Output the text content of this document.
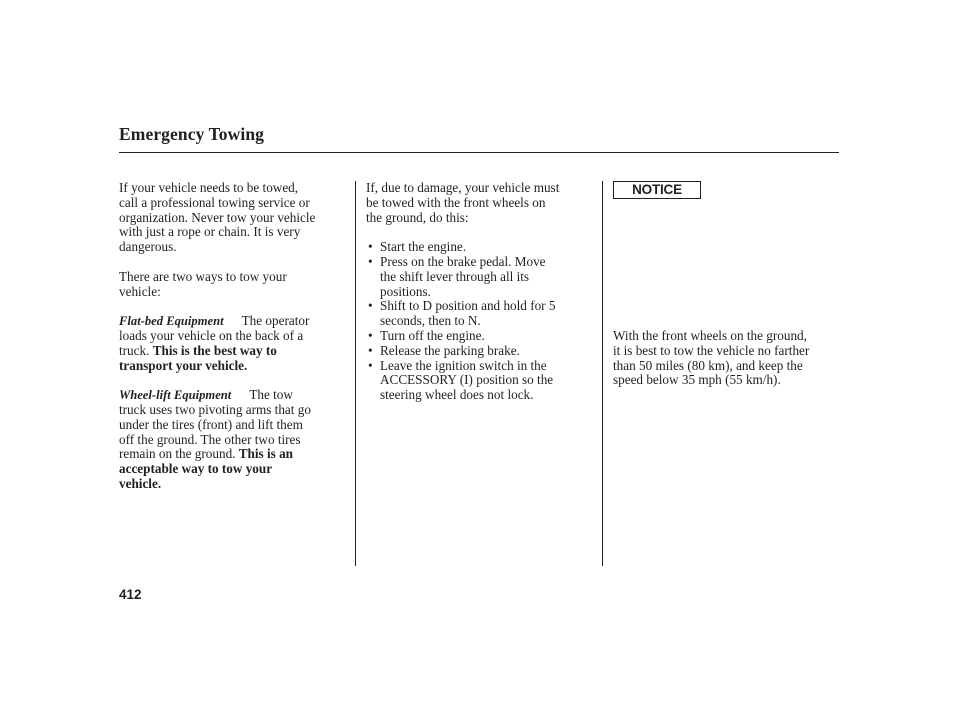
Emergency Towing

If your vehicle needs to be towed,

call a professional towing service or

organization. Never tow your vehicle

with just a rope or chain. It is very

dangerous.

There are two ways to tow your

vehicle:

Flat-bed Equipment The operator

loads your vehicle on the back of a

truck. This is the best way to

transport your vehicle.

Wheel-lift Equipment The tow

truck uses two pivoting arms that go

under the tires (front) and lift them

off the ground. The other two tires

remain on the ground. This is an

acceptable way to tow your

vehicle.

If, due to damage, your vehicle must

be towed with the front wheels on

the ground, do this:

• Start the engine.

• Press on the brake pedal. Move

the shift lever through all its

positions.

• Shift to D position and hold for 5

seconds, then to N.

• Turn off the engine.

• Release the parking brake.

• Leave the ignition switch in the

ACCESSORY (I) position so the

steering wheel does not lock.

NOTICE

With the front wheels on the ground,

it is best to tow the vehicle no farther

than 50 miles (80 km), and keep the

speed below 35 mph (55 km/h).

412
